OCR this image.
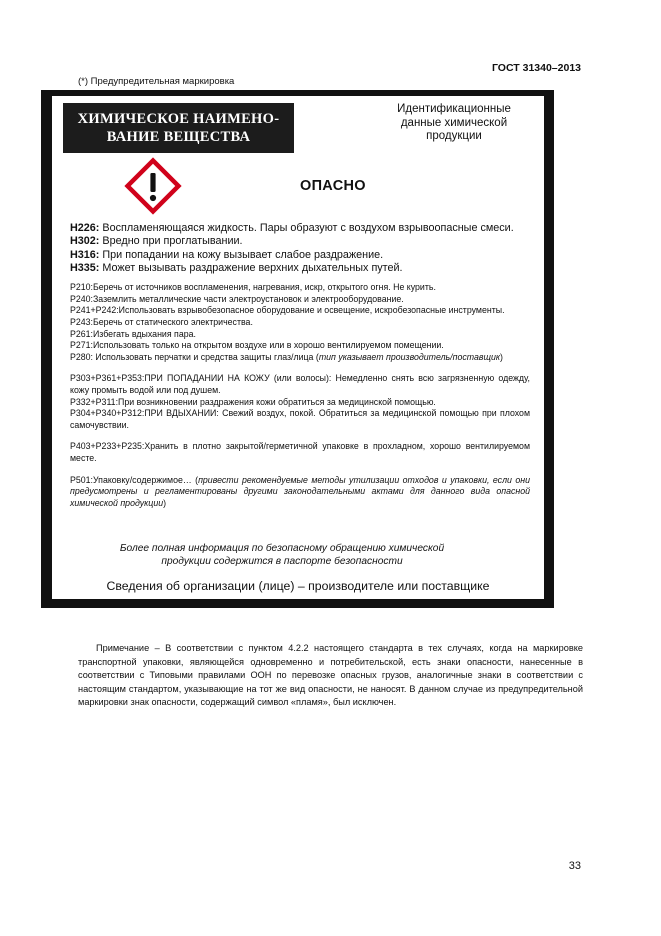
ГОСТ 31340–2013
(*) Предупредительная маркировка
ХИМИЧЕСКОЕ НАИМЕНО-
ВАНИЕ ВЕЩЕСТВА
Идентификационные
данные химической
продукции
ОПАСНО
H226: Воспламеняющаяся жидкость. Пары образуют с воздухом взрывоопасные смеси.
H302: Вредно при проглатывании.
H316: При попадании на кожу вызывает слабое раздражение.
H335: Может вызывать раздражение верхних дыхательных путей.
P210:Беречь от источников воспламенения, нагревания, искр, открытого огня. Не курить.
P240:Заземлить металлические части электроустановок и электрооборудование.
P241+P242:Использовать взрывобезопасное оборудование и освещение, искробезопасные инструменты.
P243:Беречь от статического электричества.
P261:Избегать вдыхания пара.
P271:Использовать только на открытом воздухе или в хорошо вентилируемом помещении.
P280: Использовать перчатки и средства защиты глаз/лица (тип указывает производитель/поставщик)
P303+P361+P353:ПРИ ПОПАДАНИИ НА КОЖУ (или волосы): Немедленно снять всю загрязненную одежду, кожу промыть водой или под душем.
P332+P311:При возникновении раздражения кожи обратиться за медицинской помощью.
P304+P340+P312:ПРИ ВДЫХАНИИ: Свежий воздух, покой. Обратиться за медицинской помощью при плохом самочувствии.
P403+P233+P235:Хранить в плотно закрытой/герметичной упаковке в прохладном, хорошо вентилируемом месте.
P501:Упаковку/содержимое… (привести рекомендуемые методы утилизации отходов и упаковки, если они предусмотрены и регламентированы другими законодательными актами для данного вида опасной химической продукции)
Более полная информация по безопасному обращению химической
продукции содержится в паспорте безопасности
Сведения об организации (лице) – производителе или поставщике
Примечание – В соответствии с пунктом 4.2.2 настоящего стандарта в тех случаях, когда на маркировке транспортной упаковки, являющейся одновременно и потребительской, есть знаки опасности, нанесенные в соответствии с Типовыми правилами ООН по перевозке опасных грузов, аналогичные знаки в соответствии с настоящим стандартом, указывающие на тот же вид опасности, не наносят. В данном случае из предупредительной маркировки знак опасности, содержащий символ «пламя», был исключен.
33
